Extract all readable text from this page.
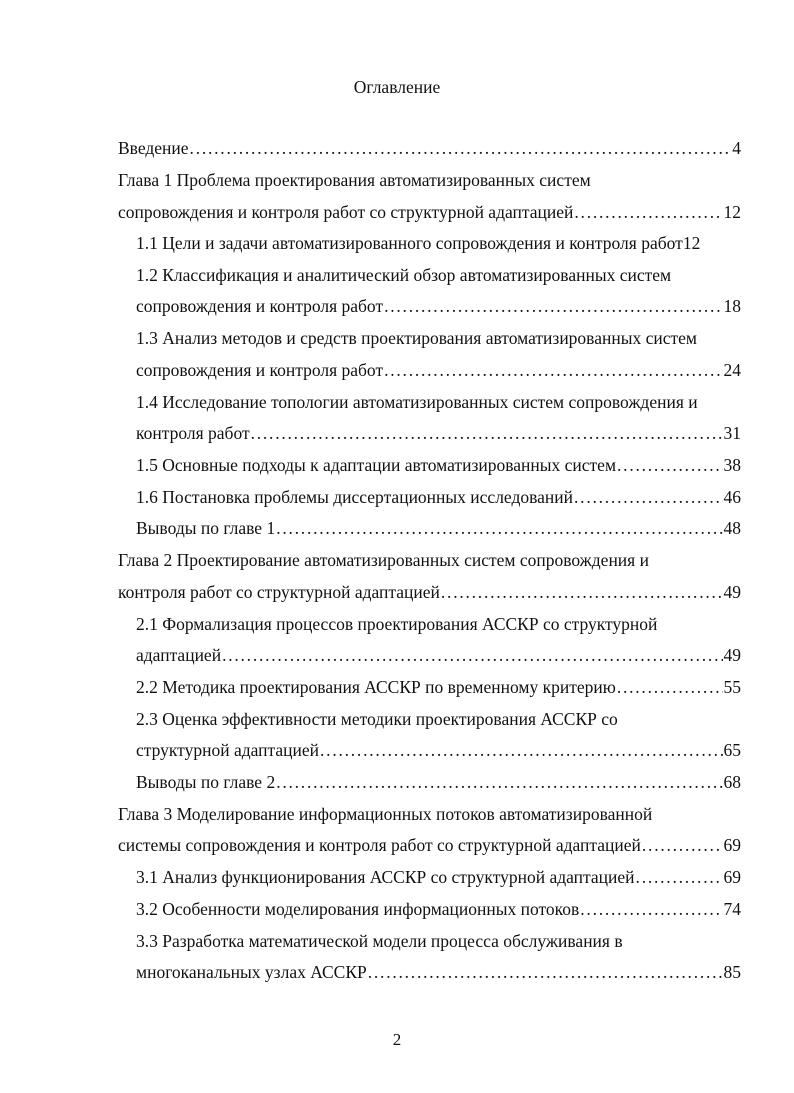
Оглавление
Введение . . .	4
Глава 1 Проблема проектирования автоматизированных систем
сопровождения и контроля работ со структурной адаптацией . . .	12
1.1 Цели и задачи автоматизированного сопровождения и контроля работ 12
1.2 Классификация и аналитический обзор автоматизированных систем
сопровождения и контроля работ . . .	18
1.3 Анализ методов и средств проектирования автоматизированных систем
сопровождения и контроля работ . . .	24
1.4 Исследование топологии автоматизированных систем сопровождения и
контроля работ . . .	31
1.5 Основные подходы к адаптации автоматизированных систем . . .	38
1.6 Постановка проблемы диссертационных исследований . . .	46
Выводы по главе 1 . . .	48
Глава 2 Проектирование автоматизированных систем сопровождения и
контроля работ со структурной адаптацией . . .	49
2.1 Формализация процессов проектирования АССКР со структурной
адаптацией . . .	49
2.2 Методика проектирования АССКР по временному критерию . . .	55
2.3 Оценка эффективности методики проектирования АССКР со
структурной адаптацией . . .	65
Выводы по главе 2 . . .	68
Глава 3 Моделирование информационных потоков автоматизированной
системы сопровождения и контроля работ со структурной адаптацией . . .	69
3.1 Анализ функционирования АССКР со структурной адаптацией . . .	69
3.2 Особенности моделирования информационных потоков . . .	74
3.3 Разработка математической модели процесса обслуживания в
многоканальных узлах АССКР . . .	85
2
